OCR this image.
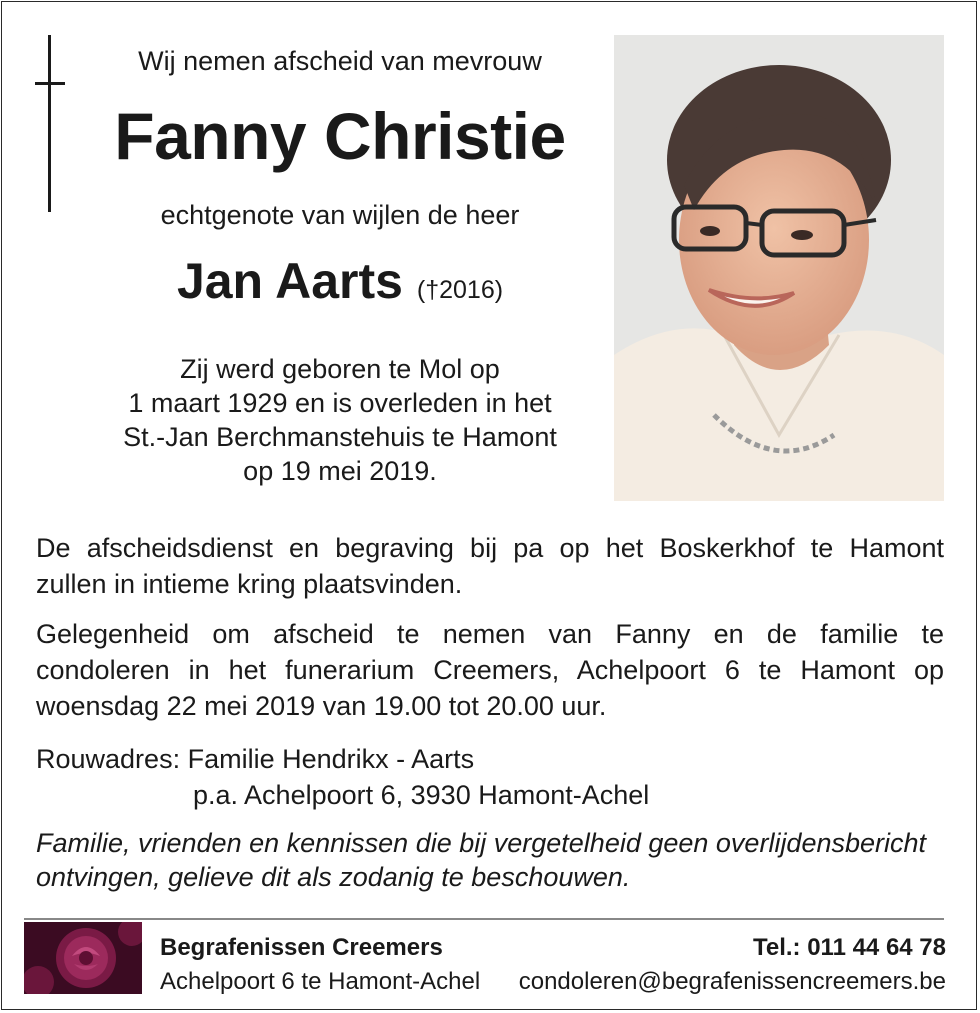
Wij nemen afscheid van mevrouw
Fanny Christie
echtgenote van wijlen de heer
Jan Aarts (†2016)
Zij werd geboren te Mol op
1 maart 1929 en is overleden in het
St.-Jan Berchmanstehuis te Hamont
op 19 mei 2019.
De afscheidsdienst en begraving bij pa op het Boskerkhof te Hamont
zullen in intieme kring plaatsvinden.
Gelegenheid om afscheid te nemen van Fanny en de familie te
condoleren in het funerarium Creemers, Achelpoort 6 te Hamont op
woensdag 22 mei 2019 van 19.00 tot 20.00 uur.
Rouwadres: Familie Hendrikx - Aarts
p.a. Achelpoort 6, 3930 Hamont-Achel
Familie, vrienden en kennissen die bij vergetelheid geen overlijdensbericht
ontvingen, gelieve dit als zodanig te beschouwen.
Begrafenissen Creemers
Achelpoort 6 te Hamont-Achel
Tel.: 011 44 64 78
condoleren@begrafenissencreemers.be
